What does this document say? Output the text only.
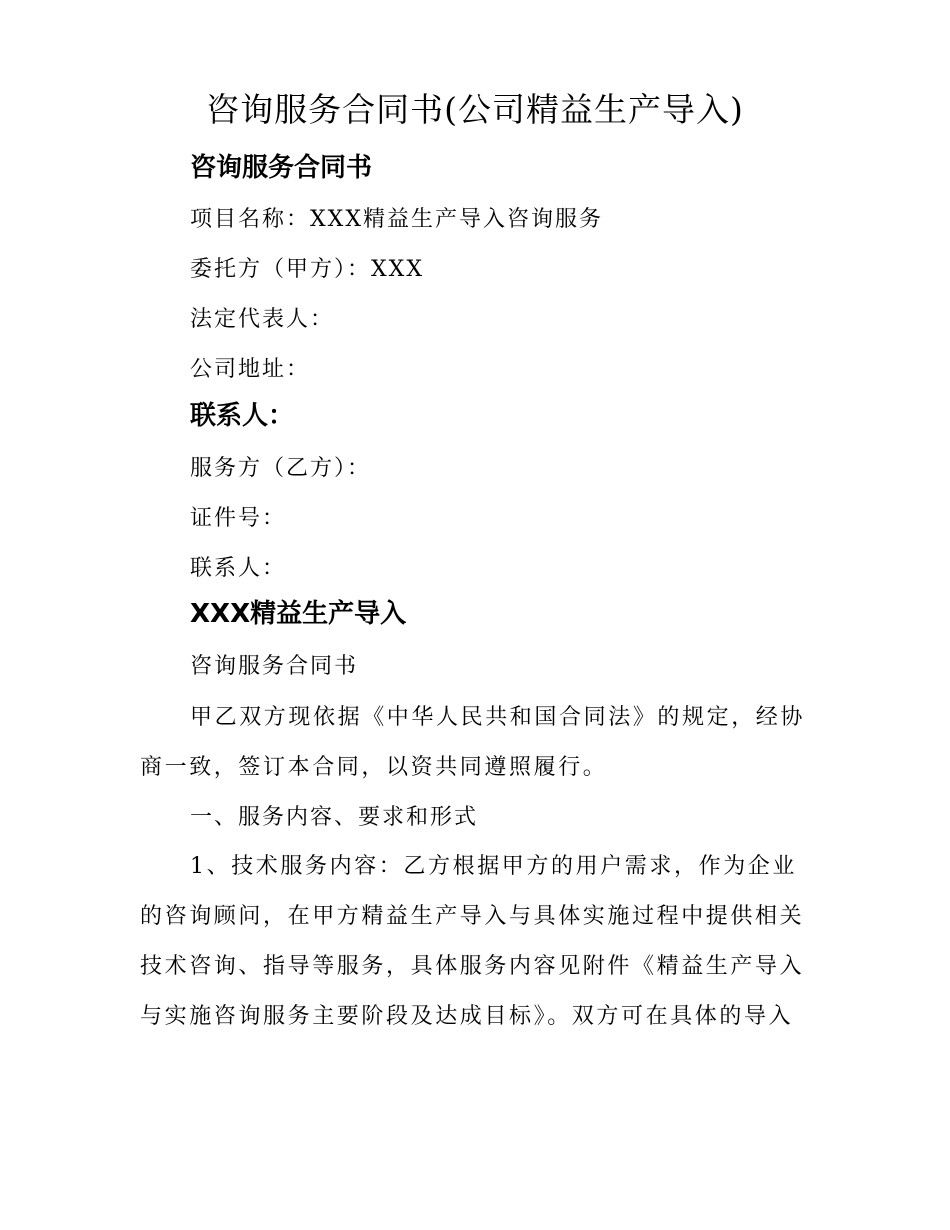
咨询服务合同书(公司精益生产导入)
咨询服务合同书

项目名称：XXX精益生产导入咨询服务

委托方（甲方）：XXX

法定代表人：

公司地址：

联系人：

服务方（乙方）：

证件号：

联系人：

XXX精益生产导入

咨询服务合同书

甲乙双方现依据《中华人民共和国合同法》的规定，经协商一致，签订本合同，以资共同遵照履行。

一、服务内容、要求和形式

1、技术服务内容：乙方根据甲方的用户需求，作为企业的咨询顾问，在甲方精益生产导入与具体实施过程中提供相关技术咨询、指导等服务，具体服务内容见附件《精益生产导入与实施咨询服务主要阶段及达成目标》。双方可在具体的导入
